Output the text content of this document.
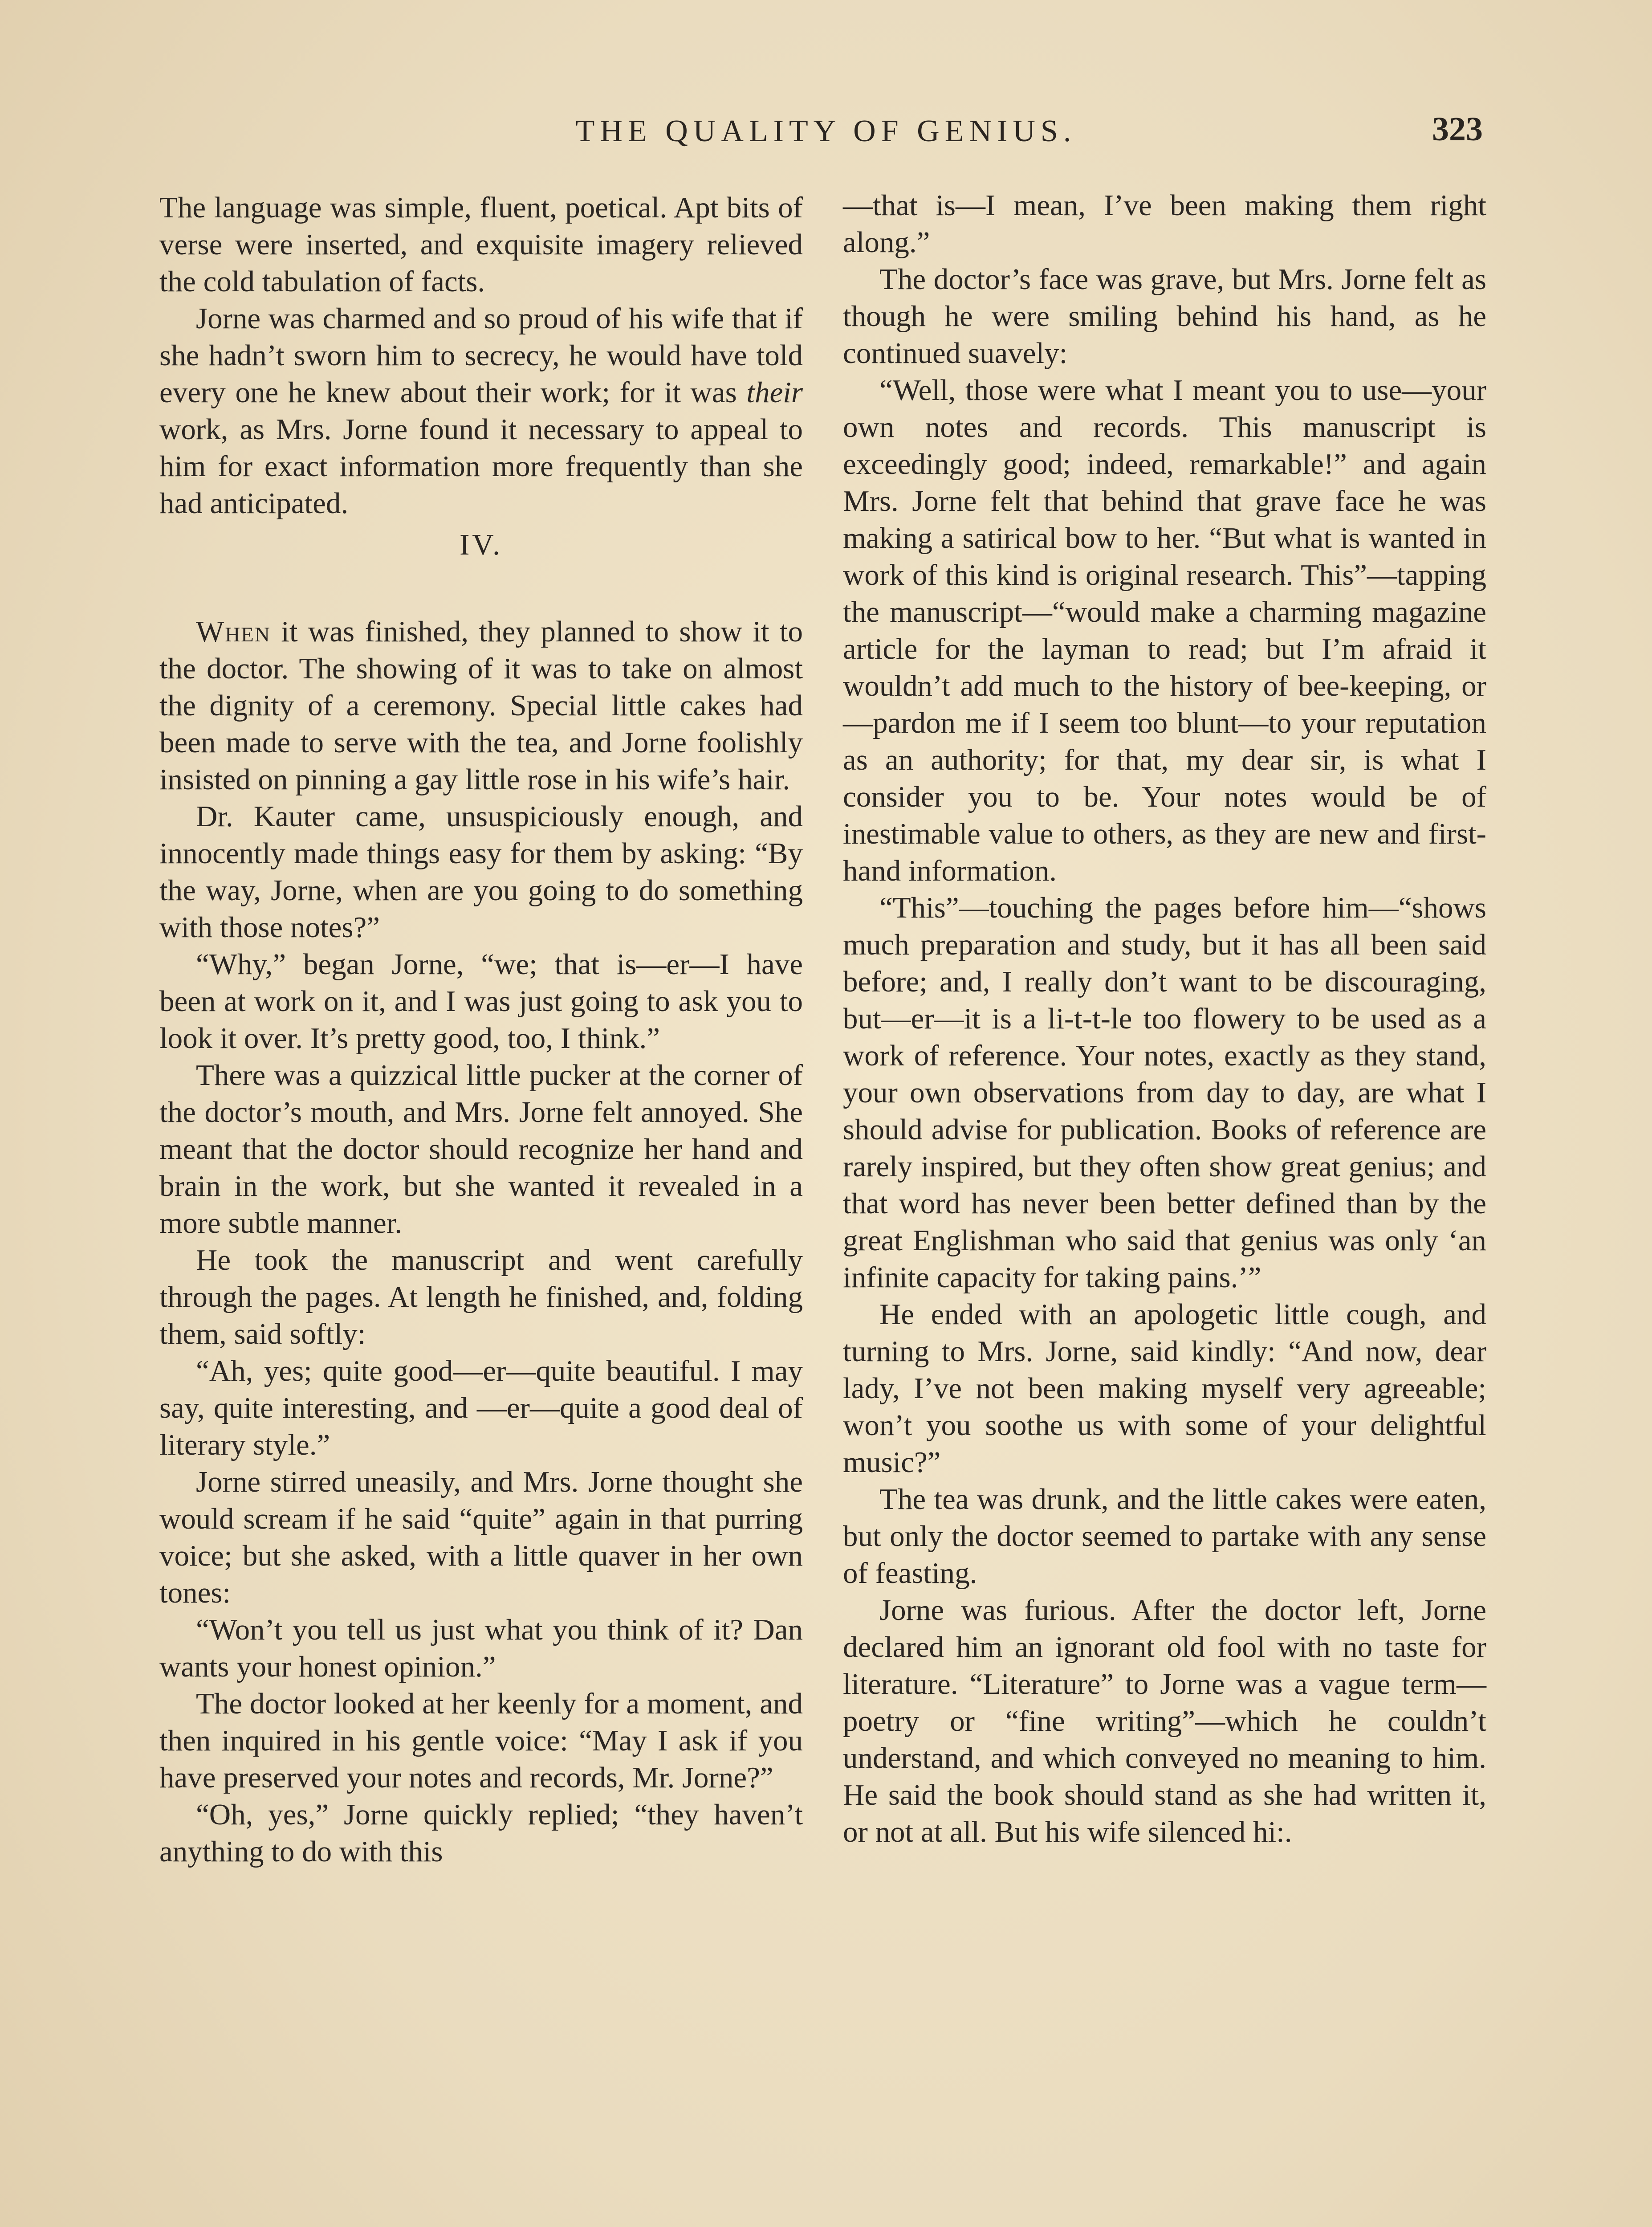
THE QUALITY OF GENIUS.	323

The language was simple, fluent, poetical. Apt bits of verse were inserted, and exquisite imagery relieved the cold tabulation of facts.

Jorne was charmed and so proud of his wife that if she hadn’t sworn him to secrecy, he would have told every one he knew about their work; for it was their work, as Mrs. Jorne found it necessary to appeal to him for exact information more frequently than she had anticipated.

IV.

When it was finished, they planned to show it to the doctor. The showing of it was to take on almost the dignity of a ceremony. Special little cakes had been made to serve with the tea, and Jorne foolishly insisted on pinning a gay little rose in his wife’s hair.

Dr. Kauter came, unsuspiciously enough, and innocently made things easy for them by asking: “By the way, Jorne, when are you going to do something with those notes?”

“Why,” began Jorne, “we; that is—er—I have been at work on it, and I was just going to ask you to look it over. It’s pretty good, too, I think.”

There was a quizzical little pucker at the corner of the doctor’s mouth, and Mrs. Jorne felt annoyed. She meant that the doctor should recognize her hand and brain in the work, but she wanted it revealed in a more subtle manner.

He took the manuscript and went carefully through the pages. At length he finished, and, folding them, said softly:

“Ah, yes; quite good—er—quite beautiful. I may say, quite interesting, and —er—quite a good deal of literary style.”

Jorne stirred uneasily, and Mrs. Jorne thought she would scream if he said “quite” again in that purring voice; but she asked, with a little quaver in her own tones:

“Won’t you tell us just what you think of it? Dan wants your honest opinion.”

The doctor looked at her keenly for a moment, and then inquired in his gentle voice: “May I ask if you have preserved your notes and records, Mr. Jorne?”

“Oh, yes,” Jorne quickly replied; “they haven’t anything to do with this

—that is—I mean, I’ve been making them right along.”

The doctor’s face was grave, but Mrs. Jorne felt as though he were smiling behind his hand, as he continued suavely:

“Well, those were what I meant you to use—your own notes and records. This manuscript is exceedingly good; indeed, remarkable!” and again Mrs. Jorne felt that behind that grave face he was making a satirical bow to her. “But what is wanted in work of this kind is original research. This”—tapping the manuscript—“would make a charming magazine article for the layman to read; but I’m afraid it wouldn’t add much to the history of bee-keeping, or—pardon me if I seem too blunt—to your reputation as an authority; for that, my dear sir, is what I consider you to be. Your notes would be of inestimable value to others, as they are new and first-hand information.

“This”—touching the pages before him—“shows much preparation and study, but it has all been said before; and, I really don’t want to be discouraging, but—er—it is a li-t-t-le too flowery to be used as a work of reference. Your notes, exactly as they stand, your own observations from day to day, are what I should advise for publication. Books of reference are rarely inspired, but they often show great genius; and that word has never been better defined than by the great Englishman who said that genius was only ‘an infinite capacity for taking pains.’”

He ended with an apologetic little cough, and turning to Mrs. Jorne, said kindly: “And now, dear lady, I’ve not been making myself very agreeable; won’t you soothe us with some of your delightful music?”

The tea was drunk, and the little cakes were eaten, but only the doctor seemed to partake with any sense of feasting.

Jorne was furious. After the doctor left, Jorne declared him an ignorant old fool with no taste for literature. “Literature” to Jorne was a vague term—poetry or “fine writing”—which he couldn’t understand, and which conveyed no meaning to him. He said the book should stand as she had written it, or not at all. But his wife silenced hi:.
